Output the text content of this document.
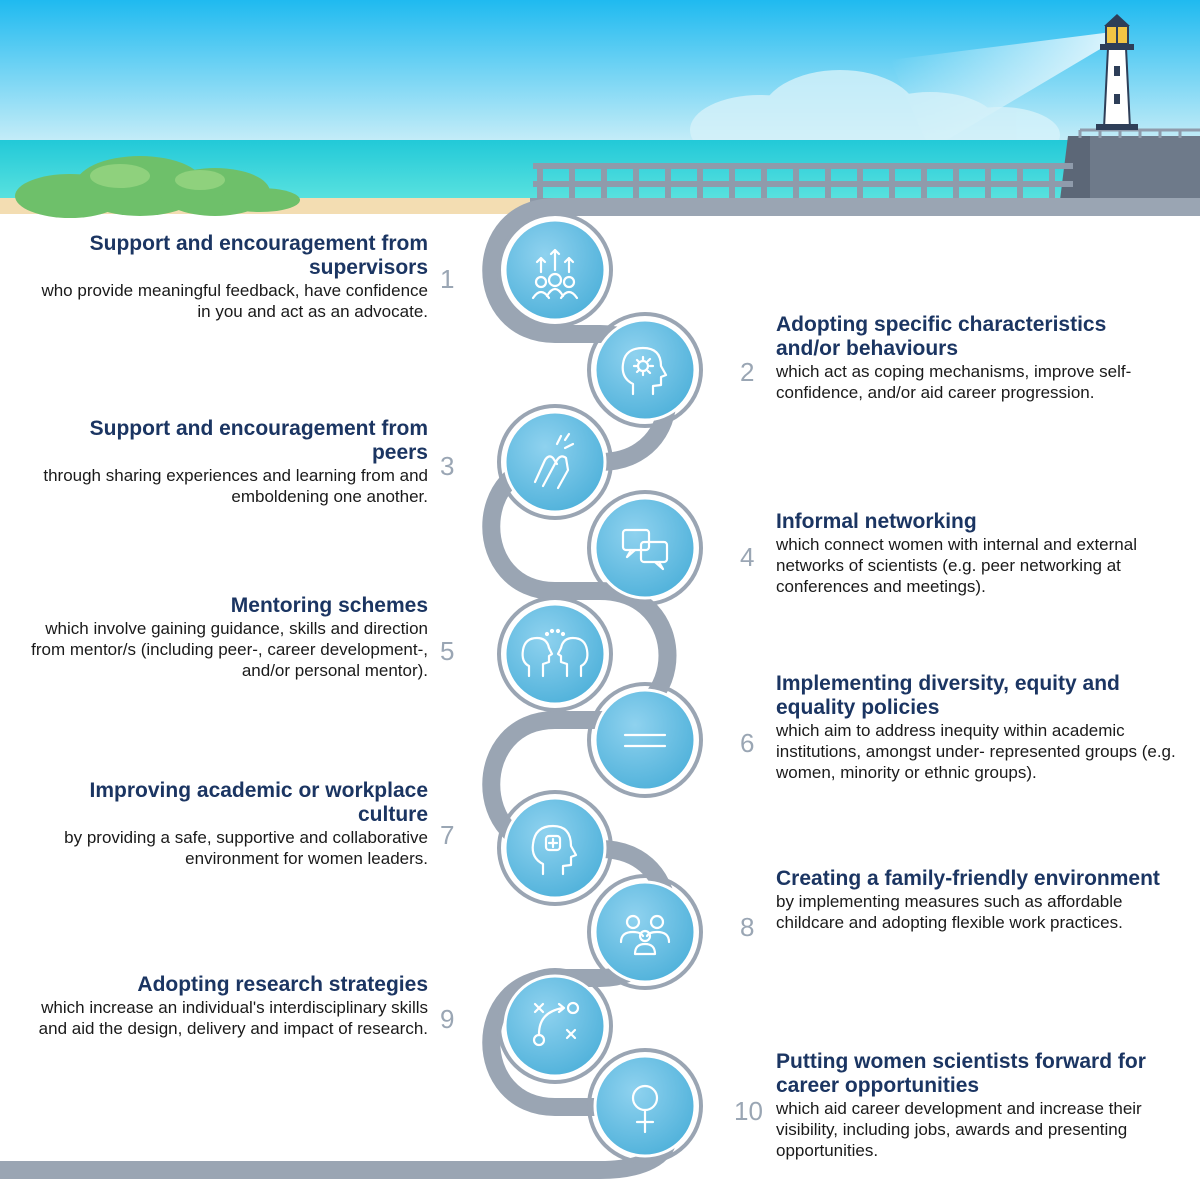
1
Support and encouragement from supervisors
who provide meaningful feedback, have confidence in you and act as an advocate.
2
Adopting specific characteristics and/or behaviours
which act as coping mechanisms, improve self-confidence, and/or aid career progression.
3
Support and encouragement from peers
through sharing experiences and learning from and emboldening one another.
4
Informal networking
which connect women with internal and external networks of scientists (e.g. peer networking at conferences and meetings).
5
Mentoring schemes
which involve gaining guidance, skills and direction from mentor/s (including peer-, career development-, and/or personal mentor).
6
Implementing diversity, equity and equality policies
which aim to address inequity within academic institutions, amongst under- represented groups (e.g. women, minority or ethnic groups).
7
Improving academic or workplace culture
by providing a safe, supportive and collaborative environment for women leaders.
8
Creating a family-friendly environment
by implementing measures such as affordable childcare and adopting flexible work practices.
9
Adopting research strategies
which increase an individual's interdisciplinary skills and aid the design, delivery and impact of research.
10
Putting women scientists forward for career opportunities
which aid career development and increase their visibility, including jobs, awards and presenting opportunities.
